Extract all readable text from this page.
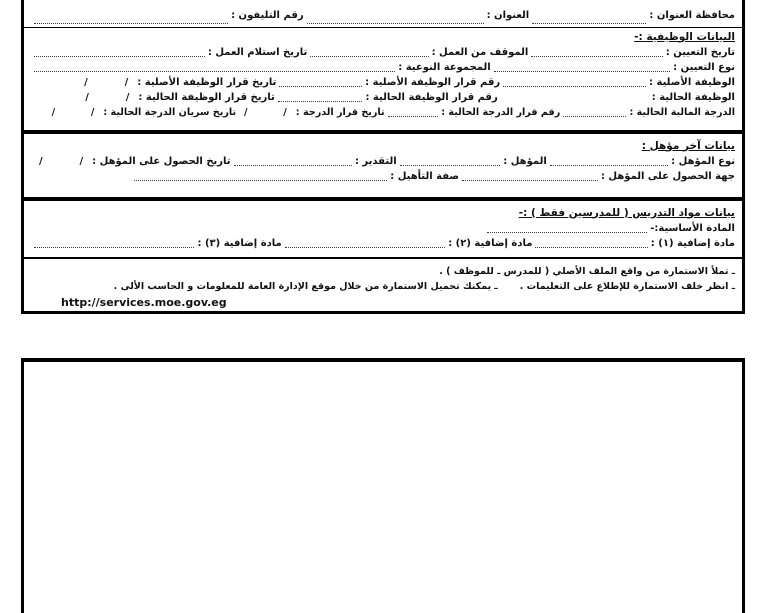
محافظة العنوان :
العنوان :
رقم التليفون :
البيانات الوظيفية :-
تاريخ التعيين :
الموقف من العمل :
تاريخ استلام العمل :
نوع التعيين :
المجموعة النوعية :
الوظيفة الأصلية :
رقم قرار الوظيفة الأصلية :
تاريخ قرار الوظيفة الأصلية :
/        /
الوظيفة الحالية :
رقم قرار الوظيفة الحالية :
تاريخ قرار الوظيفة الحالية :
/        /
الدرجة المالية الحالية :
رقم قرار الدرجة الحالية :
تاريخ قرار الدرجة :
/        /
تاريخ سريان الدرجة الحالية :
/        /
بيانات آخر مؤهل :
نوع المؤهل :
المؤهل :
التقدير :
تاريخ الحصول على المؤهل :
/        /
جهة الحصول على المؤهل :
صفة التأهيل :
بيانات مواد التدريس ( للمدرسين فقط ) :-
المادة الأساسية:-
مادة إضافية (١) :
مادة إضافية (٢) :
مادة إضافية (٣) :
ـ تملأ الاستمارة من واقع الملف الأصلي ( للمدرس ـ للموظف ) .
ـ انظر خلف الاستمارة للإطلاع على التعليمات .
ـ يمكنك تحميل الاستمارة من خلال موقع الإدارة العامة للمعلومات و الحاسب الألى .
http://services.moe.gov.eg
